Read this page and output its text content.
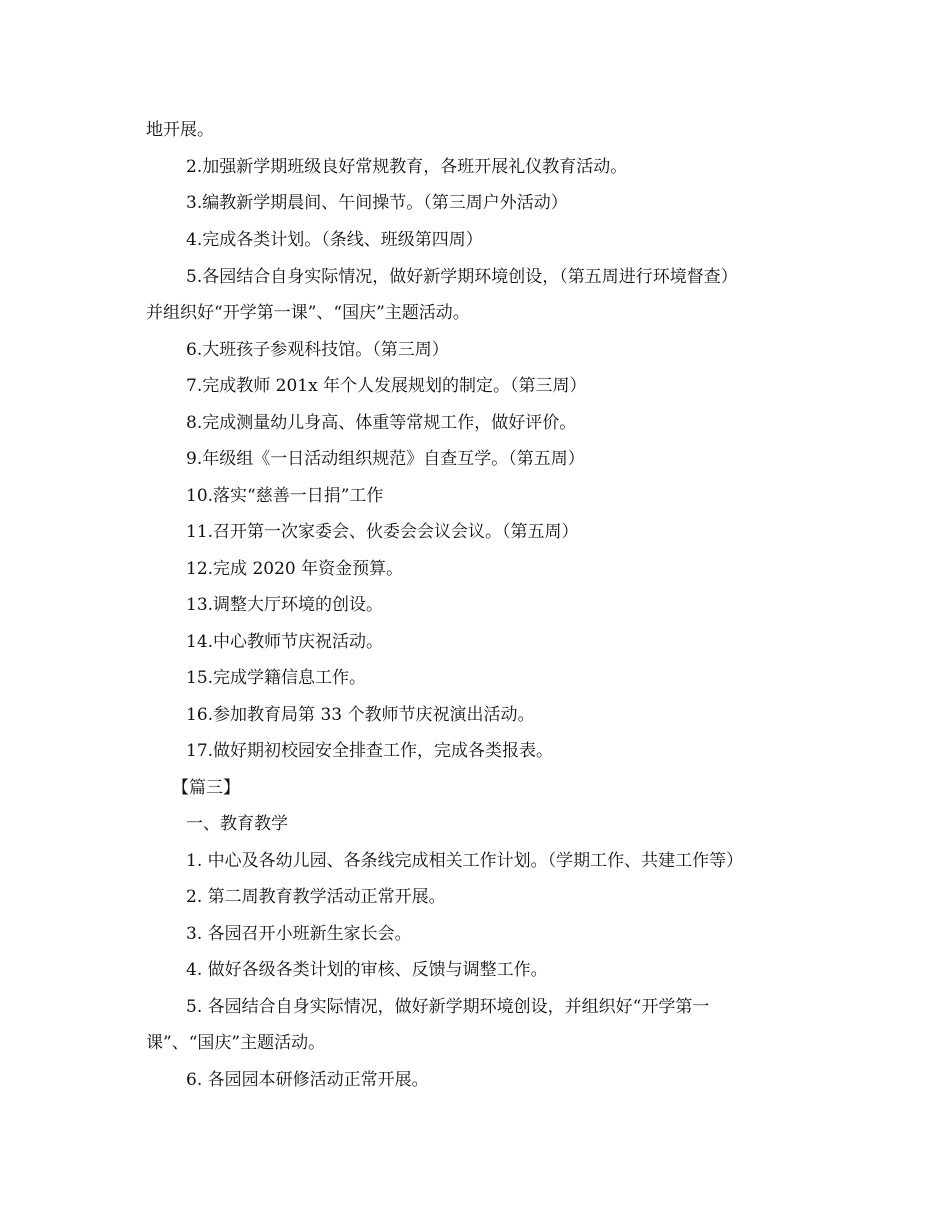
地开展。
2.加强新学期班级良好常规教育，各班开展礼仪教育活动。
3.编教新学期晨间、午间操节。（第三周户外活动）
4.完成各类计划。（条线、班级第四周）
5.各园结合自身实际情况，做好新学期环境创设，（第五周进行环境督查）
并组织好“开学第一课”、“国庆”主题活动。
6.大班孩子参观科技馆。（第三周）
7.完成教师 201x 年个人发展规划的制定。（第三周）
8.完成测量幼儿身高、体重等常规工作，做好评价。
9.年级组《一日活动组织规范》自查互学。（第五周）
10.落实“慈善一日捐”工作
11.召开第一次家委会、伙委会会议会议。（第五周）
12.完成 2020 年资金预算。
13.调整大厅环境的创设。
14.中心教师节庆祝活动。
15.完成学籍信息工作。
16.参加教育局第 33 个教师节庆祝演出活动。
17.做好期初校园安全排查工作，完成各类报表。
【篇三】
一、教育教学
1. 中心及各幼儿园、各条线完成相关工作计划。（学期工作、共建工作等）
2. 第二周教育教学活动正常开展。
3. 各园召开小班新生家长会。
4. 做好各级各类计划的审核、反馈与调整工作。
5. 各园结合自身实际情况，做好新学期环境创设，并组织好“开学第一
课”、“国庆”主题活动。
6. 各园园本研修活动正常开展。
